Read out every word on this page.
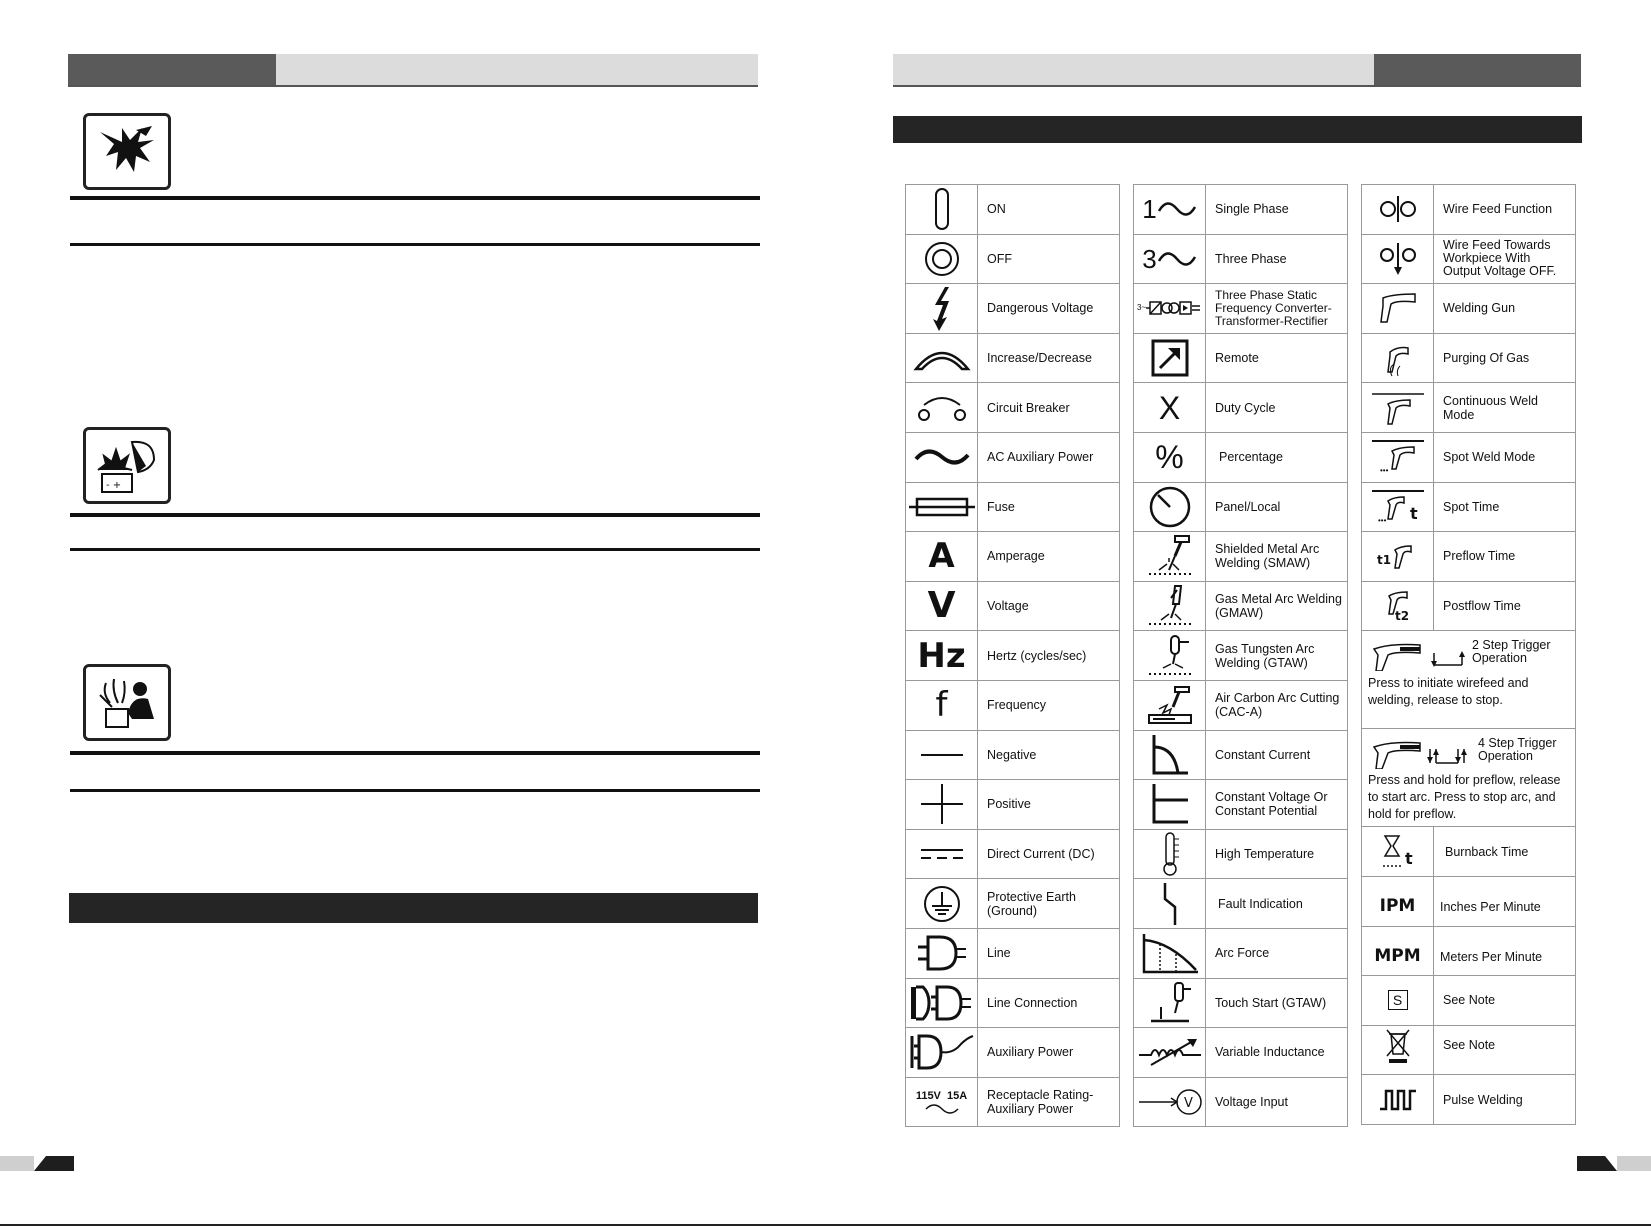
- +
	ON

	OFF

	Dangerous Voltage

	Increase/Decrease

	Circuit Breaker

	AC Auxiliary Power

	Fuse
A	Amperage
V	Voltage
Hz	Hertz (cycles/sec)
f	Frequency

	Negative

	Positive

	Direct Current (DC)

	Protective Earth (Ground)

	Line

	Line Connection

	Auxiliary Power

115V  15A	Receptacle Rating-Auxiliary Power
1	Single Phase
3	Three Phase
3~	Three Phase Static Frequency Converter-Transformer-Rectifier

	Remote
X	Duty Cycle
%	Percentage

	Panel/Local

	Shielded Metal Arc Welding (SMAW)

	Gas Metal Arc Welding (GMAW)

	Gas Tungsten Arc Welding (GTAW)

	Air Carbon Arc Cutting (CAC-A)

	Constant Current

	Constant Voltage Or Constant Potential

	High Temperature

	Fault Indication

	Arc Force

	Touch Start (GTAW)

	Variable Inductance

V	Voltage Input
	Wire Feed Function

	Wire Feed Towards Workpiece With Output Voltage OFF.

	Welding Gun

	Purging Of Gas

	Continuous Weld Mode

•••	Spot Weld Mode

t
•••	Spot Time

t1	Preflow Time

t2	Postflow Time

2 Step Trigger Operation
Press to initiate wirefeed and welding, release to stop.	

4 Step Trigger Operation
Press and hold for preflow, release to start arc. Press to stop arc, and hold for preflow.	

t	Burnback Time
IPM	Inches Per Minute
MPM	Meters Per Minute
S	See Note

	See Note

	Pulse Welding
